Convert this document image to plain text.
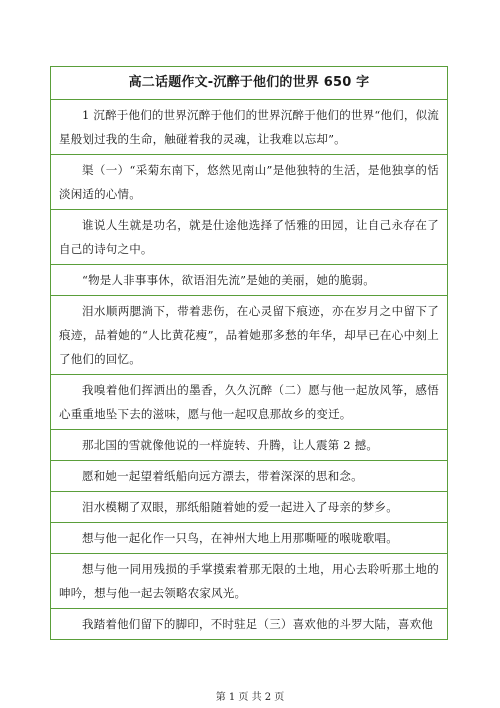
高二话题作文-沉醉于他们的世界 650 字
1 沉醉于他们的世界沉醉于他们的世界沉醉于他们的世界“他们，似流星般划过我的生命，触碰着我的灵魂，让我难以忘却”。
渠（一）“采菊东南下，悠然见南山”是他独特的生活，是他独享的恬淡闲适的心情。
谁说人生就是功名，就是仕途他选择了恬雅的田园，让自己永存在了自己的诗句之中。
“物是人非事事休，欲语泪先流”是她的美丽，她的脆弱。
泪水顺两腮淌下，带着悲伤，在心灵留下痕迹，亦在岁月之中留下了痕迹，品着她的“人比黄花瘦”，品着她那多愁的年华，却早已在心中刻上了他们的回忆。
我嗅着他们挥洒出的墨香，久久沉醉（二）愿与他一起放风筝，感悟心重重地坠下去的滋味，愿与他一起叹息那故乡的变迁。
那北国的雪就像他说的一样旋转、升腾，让人震第 2 撼。
愿和她一起望着纸船向远方漂去，带着深深的思和念。
泪水模糊了双眼，那纸船随着她的爱一起进入了母亲的梦乡。
想与他一起化作一只鸟，在神州大地上用那嘶哑的喉咙歌唱。
想与他一同用残损的手掌摸索着那无限的土地，用心去聆听那土地的呻吟，想与他一起去领略农家风光。
我踏着他们留下的脚印，不时驻足（三）喜欢他的斗罗大陆，喜欢他
第 1 页 共 2 页
